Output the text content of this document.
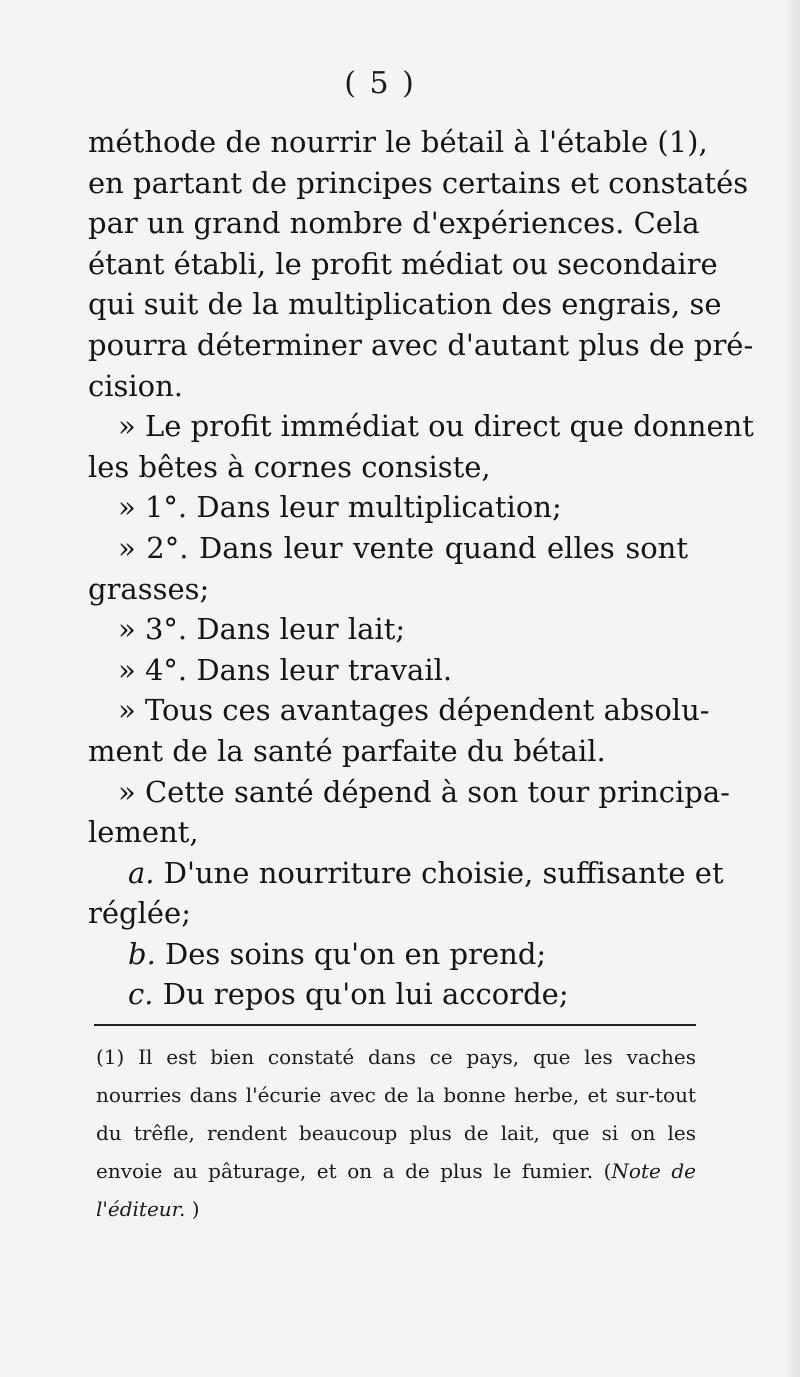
( 5 )
méthode de nourrir le bétail à l'étable (1),
en partant de principes certains et constatés
par un grand nombre d'expériences. Cela
étant établi, le profit médiat ou secondaire
qui suit de la multiplication des engrais, se
pourra déterminer avec d'autant plus de pré-
cision.
» Le profit immédiat ou direct que donnent
les bêtes à cornes consiste,
» 1°. Dans leur multiplication;
» 2°. Dans leur vente quand elles sont
grasses;
» 3°. Dans leur lait;
» 4°. Dans leur travail.
» Tous ces avantages dépendent absolu-
ment de la santé parfaite du bétail.
» Cette santé dépend à son tour principa-
lement,
a. D'une nourriture choisie, suffisante et
réglée;
b. Des soins qu'on en prend;
c. Du repos qu'on lui accorde;
(1) Il est bien constaté dans ce pays, que les vaches
nourries dans l'écurie avec de la bonne herbe, et sur-tout
du trêfle, rendent beaucoup plus de lait, que si on les
envoie au pâturage, et on a de plus le fumier. (Note de
l'éditeur. )
